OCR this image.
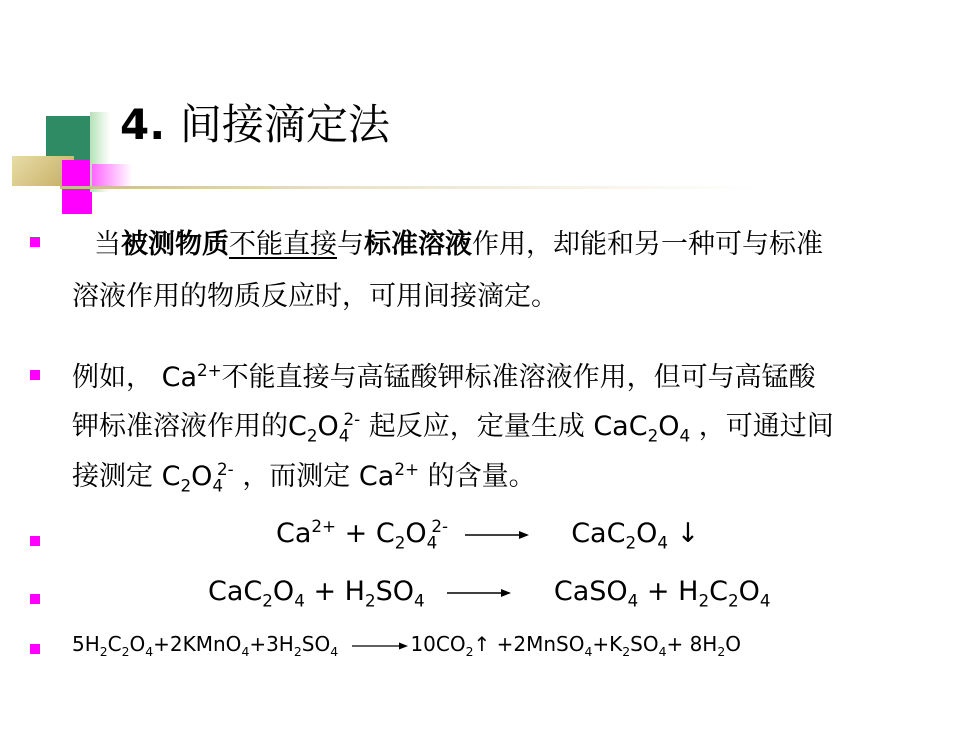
4. 间接滴定法
当被测物质不能直接与标准溶液作用，却能和另一种可与标准
溶液作用的物质反应时，可用间接滴定。
例如， $Ca^{2+}$不能直接与高锰酸钾标准溶液作用，但可与高锰酸
钾标准溶液作用的$C_2O_4^{2-}$ 起反应，定量生成 $CaC_2O_4$ ，可通过间
接测定 $C_2O_4^{2-}$ ，而测定 $Ca^{2+}$ 的含量。
$Ca^{2+} + C_2O_4^{2-} \to CaC_2O_4$ ↓
$CaC_2O_4 + H_2SO_4$ → CaSO$_4$ + $H_2C_2O_4$
$5H_2C_2O_4+2KMnO_4+3H_2SO_4$ → $10CO_2↑$ $+2MnSO_4+K_2SO_4+ 8H_2O$
